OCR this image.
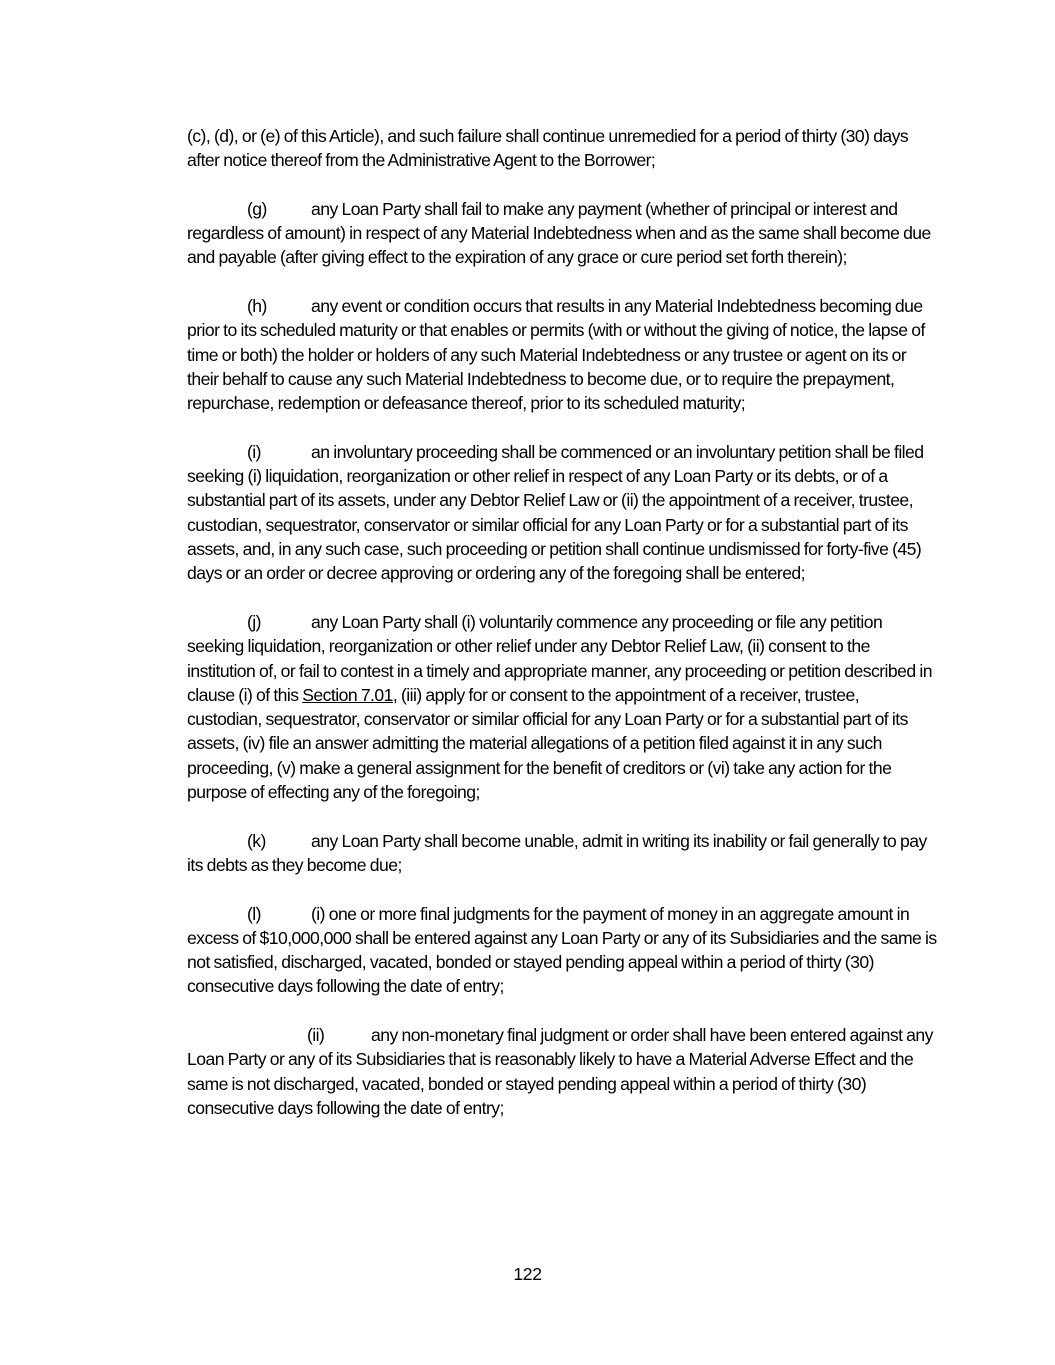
(c), (d), or (e) of this Article), and such failure shall continue unremedied for a period of thirty (30) days after notice thereof from the Administrative Agent to the Borrower;

(g)	any Loan Party shall fail to make any payment (whether of principal or interest and regardless of amount) in respect of any Material Indebtedness when and as the same shall become due and payable (after giving effect to the expiration of any grace or cure period set forth therein);

(h)	any event or condition occurs that results in any Material Indebtedness becoming due prior to its scheduled maturity or that enables or permits (with or without the giving of notice, the lapse of time or both) the holder or holders of any such Material Indebtedness or any trustee or agent on its or their behalf to cause any such Material Indebtedness to become due, or to require the prepayment, repurchase, redemption or defeasance thereof, prior to its scheduled maturity;

(i)	an involuntary proceeding shall be commenced or an involuntary petition shall be filed seeking (i) liquidation, reorganization or other relief in respect of any Loan Party or its debts, or of a substantial part of its assets, under any Debtor Relief Law or (ii) the appointment of a receiver, trustee, custodian, sequestrator, conservator or similar official for any Loan Party or for a substantial part of its assets, and, in any such case, such proceeding or petition shall continue undismissed for forty-five (45) days or an order or decree approving or ordering any of the foregoing shall be entered;

(j)	any Loan Party shall (i) voluntarily commence any proceeding or file any petition seeking liquidation, reorganization or other relief under any Debtor Relief Law, (ii) consent to the institution of, or fail to contest in a timely and appropriate manner, any proceeding or petition described in clause (i) of this Section 7.01, (iii) apply for or consent to the appointment of a receiver, trustee, custodian, sequestrator, conservator or similar official for any Loan Party or for a substantial part of its assets, (iv) file an answer admitting the material allegations of a petition filed against it in any such proceeding, (v) make a general assignment for the benefit of creditors or (vi) take any action for the purpose of effecting any of the foregoing;

(k)	any Loan Party shall become unable, admit in writing its inability or fail generally to pay its debts as they become due;

(l)	(i) one or more final judgments for the payment of money in an aggregate amount in excess of $10,000,000 shall be entered against any Loan Party or any of its Subsidiaries and the same is not satisfied, discharged, vacated, bonded or stayed pending appeal within a period of thirty (30) consecutive days following the date of entry;

(ii)	any non-monetary final judgment or order shall have been entered against any Loan Party or any of its Subsidiaries that is reasonably likely to have a Material Adverse Effect and the same is not discharged, vacated, bonded or stayed pending appeal within a period of thirty (30) consecutive days following the date of entry;

122
